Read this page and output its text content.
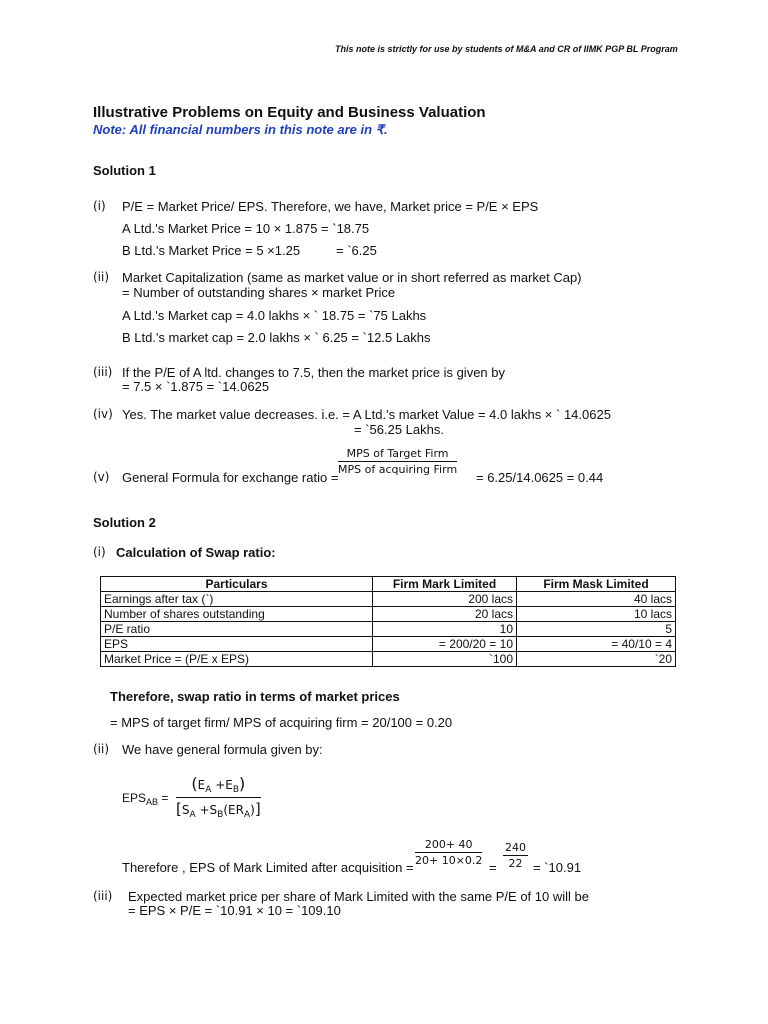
This note is strictly for use by students of M&A and CR of IIMK PGP BL Program
Illustrative Problems on Equity and Business Valuation
Note: All financial numbers in this note are in ₹.
Solution 1
(i) P/E = Market Price/ EPS. Therefore, we have, Market price = P/E × EPS
A Ltd.'s Market Price = 10 × 1.875 = `18.75
B Ltd.'s Market Price = 5 ×1.25	= `6.25
(ii) Market Capitalization (same as market value or in short referred as market Cap)
= Number of outstanding shares × market Price
A Ltd.'s Market cap = 4.0 lakhs × ` 18.75 = `75 Lakhs
B Ltd.'s market cap = 2.0 lakhs × ` 6.25 = `12.5 Lakhs
(iii) If the P/E of A ltd. changes to 7.5, then the market price is given by
= 7.5 × `1.875 = `14.0625
(iv) Yes. The market value decreases. i.e. = A Ltd.'s market Value = 4.0 lakhs × ` 14.0625
= `56.25 Lakhs.
(v) General Formula for exchange ratio =
MPS of Target Firm
MPS of acquiring Firm
= 6.25/14.0625 = 0.44
Solution 2
(i) Calculation of Swap ratio:
Particulars	Firm Mark Limited	Firm Mask Limited
Earnings after tax (`)	200 lacs	40 lacs
Number of shares outstanding	20 lacs	10 lacs
P/E ratio	10	5
EPS	= 200/20 = 10	= 40/10 = 4
Market Price = (P/E x EPS)	`100	`20
Therefore, swap ratio in terms of market prices
= MPS of target firm/ MPS of acquiring firm = 20/100 = 0.20
(ii) We have general formula given by:
$EPS_{AB}$ =
$(E_A +E_B)$
$[S_A +S_B(ER_A)]$
Therefore , EPS of Mark Limited after acquisition =
$\frac{200+ 40}{20+ 10\times 0.2}$
= $\frac{240}{22}$ = `10.91
(iii) Expected market price per share of Mark Limited with the same P/E of 10 will be
= EPS × P/E = `10.91 × 10 = `109.10
